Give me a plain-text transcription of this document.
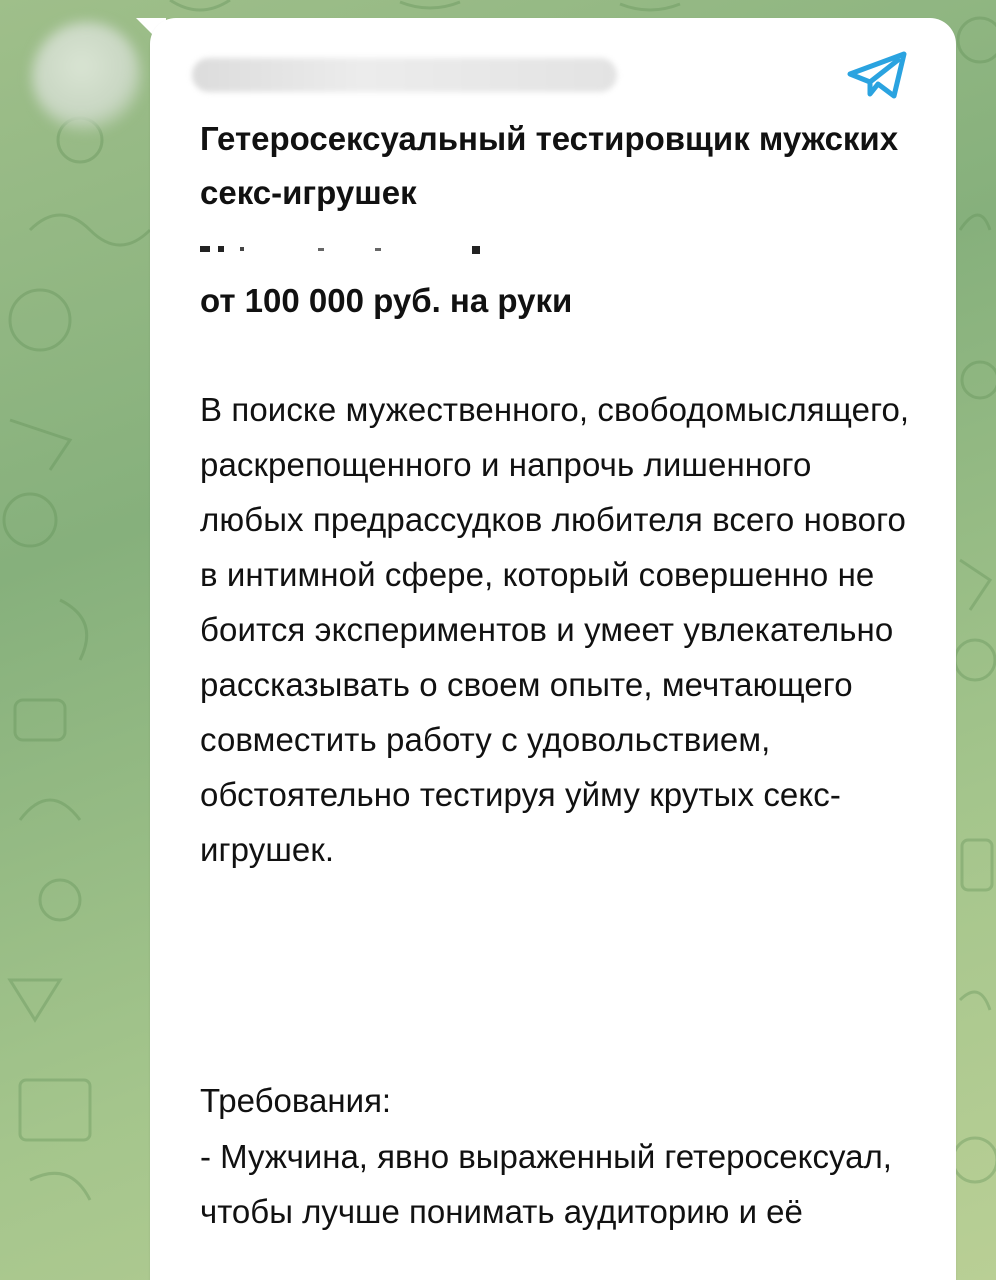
Гетеросексуальный тестировщик мужских секс-игрушек
от 100 000 руб. на руки
В поиске мужественного, свободомыслящего, раскрепощенного и напрочь лишенного любых предрассудков любителя всего нового в интимной сфере, который совершенно не боится экспериментов и умеет увлекательно рассказывать о своем опыте, мечтающего совместить работу с удовольствием, обстоятельно тестируя уйму крутых секс-игрушек.
Требования:
- Мужчина, явно выраженный гетеросексуал, чтобы лучше понимать аудиторию и её
